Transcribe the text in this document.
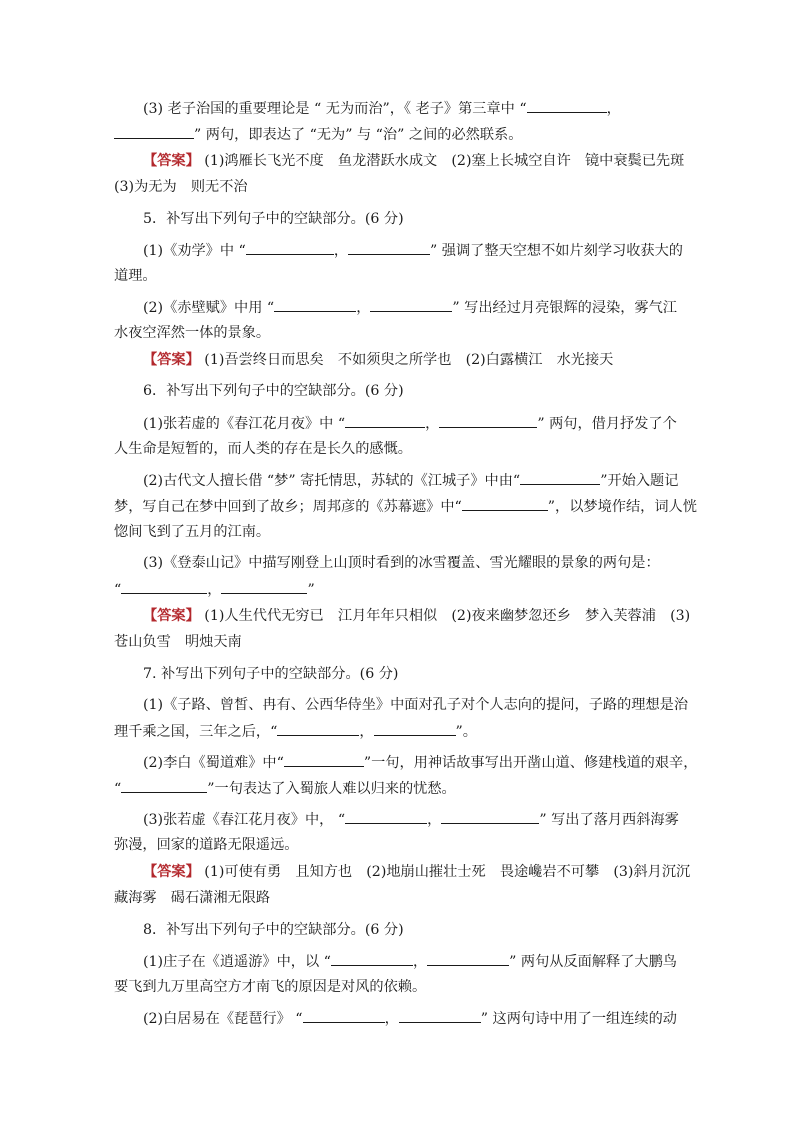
(3) 老子治国的重要理论是 “ 无为而治”，《 老子》第三章中 “	，
” 两句，即表达了 “无为” 与 “治” 之间的必然联系。
【答案】 (1)鸿雁长飞光不度　鱼龙潜跃水成文　(2)塞上长城空自许　镜中衰鬓已先斑
(3)为无为　则无不治
5．补写出下列句子中的空缺部分。(6 分)
(1)《劝学》中 “	，	” 强调了整天空想不如片刻学习收获大的
道理。
(2)《赤壁赋》中用 “	，	” 写出经过月亮银辉的浸染，雾气江
水夜空浑然一体的景象。
【答案】 (1)吾尝终日而思矣　不如须臾之所学也　(2)白露横江　水光接天
6．补写出下列句子中的空缺部分。(6 分)
(1)张若虚的《春江花月夜》中 “	，	” 两句，借月抒发了个
人生命是短暂的，而人类的存在是长久的感慨。
(2)古代文人擅长借 “梦” 寄托情思，苏轼的《江城子》中由“	”开始入题记
梦，写自己在梦中回到了故乡；周邦彦的《苏幕遮》中“	”，以梦境作结，词人恍
惚间飞到了五月的江南。
(3)《登泰山记》中描写刚登上山顶时看到的冰雪覆盖、雪光耀眼的景象的两句是：
“	，	”
【答案】 (1)人生代代无穷已　江月年年只相似　(2)夜来幽梦忽还乡　梦入芙蓉浦　(3)
苍山负雪　明烛天南
7. 补写出下列句子中的空缺部分。(6 分)
(1)《子路、曾皙、冉有、公西华侍坐》中面对孔子对个人志向的提问，子路的理想是治
理千乘之国，三年之后，“	，	”。
(2)李白《蜀道难》中“	”一句，用神话故事写出开凿山道、修建栈道的艰辛，
“	”一句表达了入蜀旅人难以归来的忧愁。
(3)张若虚《春江花月夜》中， “	，	” 写出了落月西斜海雾
弥漫，回家的道路无限遥远。
【答案】 (1)可使有勇　且知方也　(2)地崩山摧壮士死　畏途巉岩不可攀　(3)斜月沉沉
藏海雾　碣石潇湘无限路
8．补写出下列句子中的空缺部分。(6 分)
(1)庄子在《逍遥游》中，以 “	，	” 两句从反面解释了大鹏鸟
要飞到九万里高空方才南飞的原因是对风的依赖。
(2)白居易在《琵琶行》 “	，	” 这两句诗中用了一组连续的动
